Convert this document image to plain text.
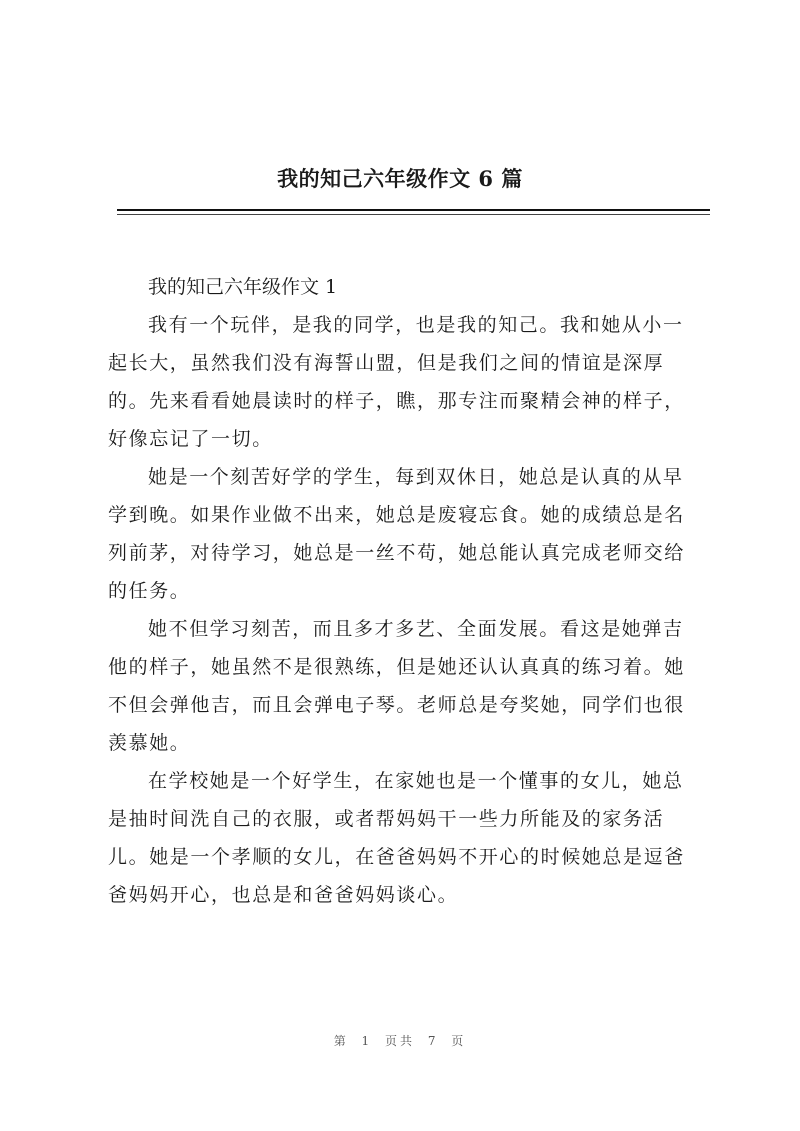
我的知己六年级作文 6 篇
我的知己六年级作文 1

我有一个玩伴，是我的同学，也是我的知己。我和她从小一
起长大，虽然我们没有海誓山盟，但是我们之间的情谊是深厚
的。先来看看她晨读时的样子，瞧，那专注而聚精会神的样子，
好像忘记了一切。

她是一个刻苦好学的学生，每到双休日，她总是认真的从早
学到晚。如果作业做不出来，她总是废寝忘食。她的成绩总是名
列前茅，对待学习，她总是一丝不苟，她总能认真完成老师交给
的任务。

她不但学习刻苦，而且多才多艺、全面发展。看这是她弹吉
他的样子，她虽然不是很熟练，但是她还认认真真的练习着。她
不但会弹他吉，而且会弹电子琴。老师总是夸奖她，同学们也很
羡慕她。

在学校她是一个好学生，在家她也是一个懂事的女儿，她总
是抽时间洗自己的衣服，或者帮妈妈干一些力所能及的家务活
儿。她是一个孝顺的女儿，在爸爸妈妈不开心的时候她总是逗爸
爸妈妈开心，也总是和爸爸妈妈谈心。

第 1 页共 7 页
